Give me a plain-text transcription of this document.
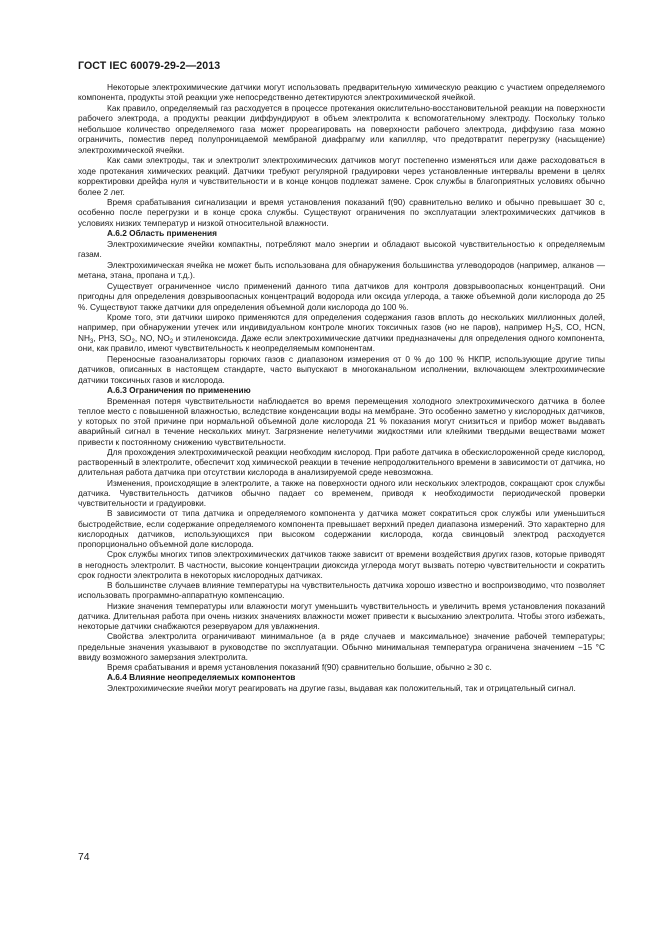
ГОСТ IEC 60079-29-2—2013

Некоторые электрохимические датчики могут использовать предварительную химическую реакцию с участием определяемого компонента, продукты этой реакции уже непосредственно детектируются электрохимической ячейкой.

Как правило, определяемый газ расходуется в процессе протекания окислительно-восстановительной реакции на поверхности рабочего электрода, а продукты реакции диффундируют в объем электролита к вспомогательному электроду. Поскольку только небольшое количество определяемого газа может прореагировать на поверхности рабочего электрода, диффузию газа можно ограничить, поместив перед полупроницаемой мембраной диафрагму или капилляр, что предотвратит перегрузку (насыщение) электрохимической ячейки.

Как сами электроды, так и электролит электрохимических датчиков могут постепенно изменяться или даже расходоваться в ходе протекания химических реакций. Датчики требуют регулярной градуировки через установленные интервалы времени в целях корректировки дрейфа нуля и чувствительности и в конце концов подлежат замене. Срок службы в благоприятных условиях обычно более 2 лет.

Время срабатывания сигнализации и время установления показаний f(90) сравнительно велико и обычно превышает 30 с, особенно после перегрузки и в конце срока службы. Существуют ограничения по эксплуатации электрохимических датчиков в условиях низких температур и низкой относительной влажности.

А.6.2 Область применения

Электрохимические ячейки компактны, потребляют мало энергии и обладают высокой чувствительностью к определяемым газам.

Электрохимическая ячейка не может быть использована для обнаружения большинства углеводородов (например, алканов — метана, этана, пропана и т.д.).

Существует ограниченное число применений данного типа датчиков для контроля довзрывоопасных концентраций. Они пригодны для определения довзрывоопасных концентраций водорода или оксида углерода, а также объемной доли кислорода до 25 %. Существуют также датчики для определения объемной доли кислорода до 100 %.

Кроме того, эти датчики широко применяются для определения содержания газов вплоть до нескольких миллионных долей, например, при обнаружении утечек или индивидуальном контроле многих токсичных газов (но не паров), например $H_2S$, CO, HCN, $NH_3$, PH3, $SO_2$, NO, $NO_2$ и этиленоксида. Даже если электрохимические датчики предназначены для определения одного компонента, они, как правило, имеют чувствительность к неопределяемым компонентам.

Переносные газоанализаторы горючих газов с диапазоном измерения от 0 % до 100 % НКПР, использующие другие типы датчиков, описанных в настоящем стандарте, часто выпускают в многоканальном исполнении, включающем электрохимические датчики токсичных газов и кислорода.

А.6.3 Ограничения по применению

Временная потеря чувствительности наблюдается во время перемещения холодного электрохимического датчика в более теплое место с повышенной влажностью, вследствие конденсации воды на мембране. Это особенно заметно у кислородных датчиков, у которых по этой причине при нормальной объемной доле кислорода 21 % показания могут снизиться и прибор может выдавать аварийный сигнал в течение нескольких минут. Загрязнение нелетучими жидкостями или клейкими твердыми веществами может привести к постоянному снижению чувствительности.

Для прохождения электрохимической реакции необходим кислород. При работе датчика в обескислороженной среде кислород, растворенный в электролите, обеспечит ход химической реакции в течение непродолжительного времени в зависимости от датчика, но длительная работа датчика при отсутствии кислорода в анализируемой среде невозможна.

Изменения, происходящие в электролите, а также на поверхности одного или нескольких электродов, сокращают срок службы датчика. Чувствительность датчиков обычно падает со временем, приводя к необходимости периодической проверки чувствительности и градуировки.

В зависимости от типа датчика и определяемого компонента у датчика может сократиться срок службы или уменьшиться быстродействие, если содержание определяемого компонента превышает верхний предел диапазона измерений. Это характерно для кислородных датчиков, использующихся при высоком содержании кислорода, когда свинцовый электрод расходуется пропорционально объемной доле кислорода.

Срок службы многих типов электрохимических датчиков также зависит от времени воздействия других газов, которые приводят в негодность электролит. В частности, высокие концентрации диоксида углерода могут вызвать потерю чувствительности и сократить срок годности электролита в некоторых кислородных датчиках.

В большинстве случаев влияние температуры на чувствительность датчика хорошо известно и воспроизводимо, что позволяет использовать программно-аппаратную компенсацию.

Низкие значения температуры или влажности могут уменьшить чувствительность и увеличить время установления показаний датчика. Длительная работа при очень низких значениях влажности может привести к высыханию электролита. Чтобы этого избежать, некоторые датчики снабжаются резервуаром для увлажнения.

Свойства электролита ограничивают минимальное (а в ряде случаев и максимальное) значение рабочей температуры; предельные значения указывают в руководстве по эксплуатации. Обычно минимальная температура ограничена значением −15 °С ввиду возможного замерзания электролита.

Время срабатывания и время установления показаний f(90) сравнительно большие, обычно ≥ 30 с.

А.6.4 Влияние неопределяемых компонентов

Электрохимические ячейки могут реагировать на другие газы, выдавая как положительный, так и отрицательный сигнал.

74
